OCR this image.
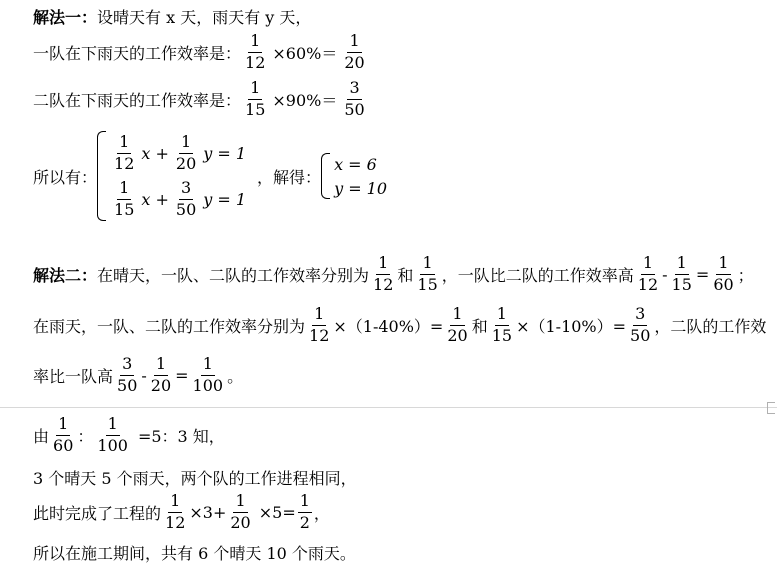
解法一： 设晴天有 x 天，雨天有 y 天，
一队在下雨天的工作效率是： $\frac{1}{12} \times 60\%= \frac{1}{20}$
二队在下雨天的工作效率是： $\frac{1}{15} \times 90\%= \frac{3}{50}$
所以有：
$\frac{1}{12}$ $x + \frac{1}{20}$ y = 1
$\frac{1}{15}$ $x + \frac{3}{50}$ y = 1
，解得：
x = 6
y = 10
解法二： 在晴天，一队、二队的工作效率分别为 $\frac{1}{12}$ 和 $\frac{1}{15}$ ，一队比二队的工作效率高 $\frac{1}{12} - \frac{1}{15} = \frac{1}{60}$ ；
在雨天，一队、二队的工作效率分别为 $\frac{1}{12} \times(1-40\%)= \frac{1}{20}$ 和 $\frac{1}{15} \times(1-10\%)= \frac{3}{50}$ ，二队的工作效
率比一队高 $\frac{3}{50} - \frac{1}{20} = \frac{1}{100}$ 。
由 $\frac{1}{60}$ ： $\frac{1}{100} =5$：3 知，
3 个晴天 5 个雨天，两个队的工作进程相同，
此时完成了工程的 $\frac{1}{12} \times 3+ \frac{1}{20} \times 5= \frac{1}{2}$ ，
所以在施工期间，共有 6 个晴天 10 个雨天。
